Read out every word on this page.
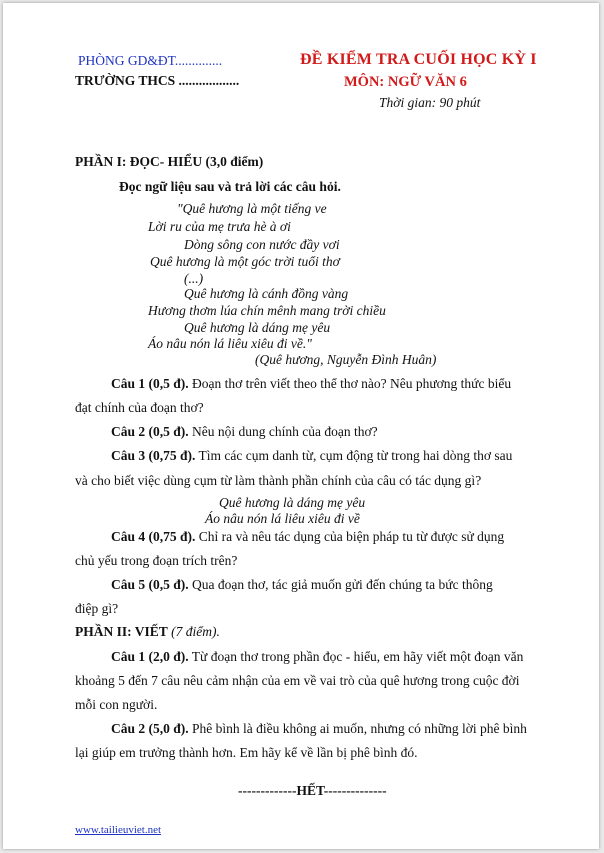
PHÒNG GD&ĐT..............
TRƯỜNG THCS ..................
ĐỀ KIỂM TRA CUỐI HỌC KỲ I
MÔN: NGỮ VĂN 6
Thời gian: 90 phút
PHẦN I: ĐỌC- HIỂU (3,0 điểm)
Đọc ngữ liệu sau và trả lời các câu hỏi.
"Quê hương là một tiếng ve
Lời ru của mẹ trưa hè à ơi
Dòng sông con nước đầy vơi
Quê hương là một góc trời tuổi thơ
(...)
Quê hương là cánh đồng vàng
Hương thơm lúa chín mênh mang trời chiều
Quê hương là dáng mẹ yêu
Áo nâu nón lá liêu xiêu đi về."
(Quê hương, Nguyễn Đình Huân)
Câu 1 (0,5 đ). Đoạn thơ trên viết theo thể thơ nào? Nêu phương thức biểu
đạt chính của đoạn thơ?
Câu 2 (0,5 đ). Nêu nội dung chính của đoạn thơ?
Câu 3 (0,75 đ). Tìm các cụm danh từ, cụm động từ trong hai dòng thơ sau
và cho biết việc dùng cụm từ làm thành phần chính của câu có tác dụng gì?
Quê hương là dáng mẹ yêu
Áo nâu nón lá liêu xiêu đi về
Câu 4 (0,75 đ). Chỉ ra và nêu tác dụng của biện pháp tu từ được sử dụng
chủ yếu trong đoạn trích trên?
Câu 5 (0,5 đ). Qua đoạn thơ, tác giả muốn gửi đến chúng ta bức thông
điệp gì?
PHẦN II: VIẾT (7 điểm).
Câu 1 (2,0 đ). Từ đoạn thơ trong phần đọc - hiểu, em hãy viết một đoạn văn
khoảng 5 đến 7 câu nêu cảm nhận của em về vai trò của quê hương trong cuộc đời
mỗi con người.
Câu 2 (5,0 đ). Phê bình là điều không ai muốn, nhưng có những lời phê bình
lại giúp em trưởng thành hơn. Em hãy kể về lần bị phê bình đó.
-------------HẾT--------------
www.tailieuviet.net
